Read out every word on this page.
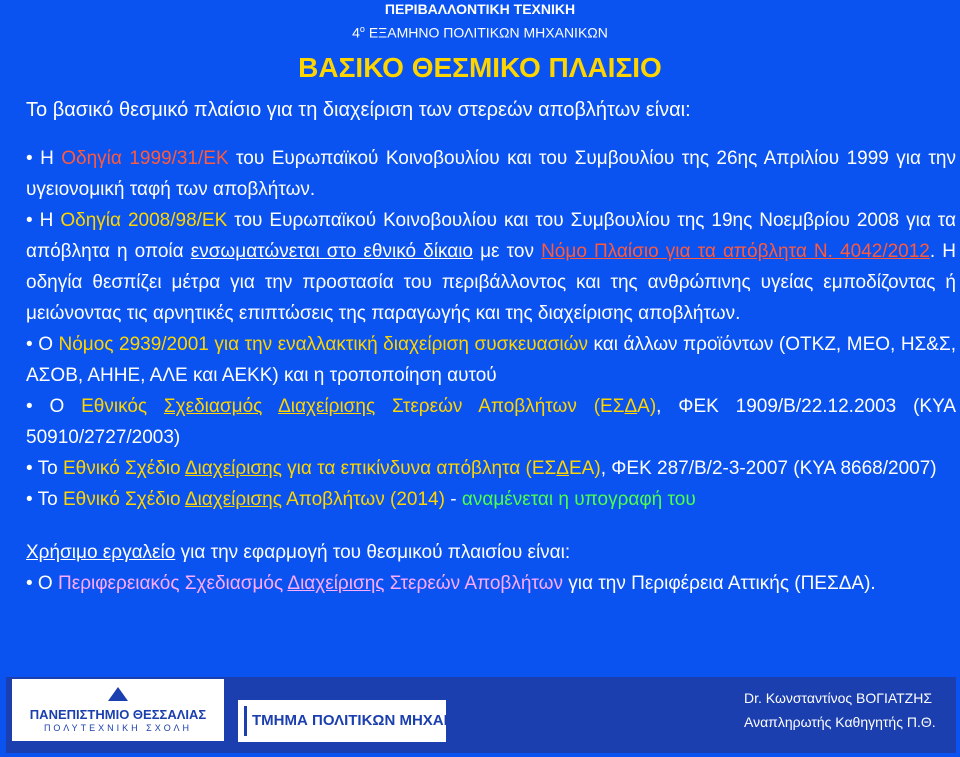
ΠΕΡΙΒΑΛΛΟΝΤΙΚΗ ΤΕΧΝΙΚΗ
$4^o$ ΕΞΑΜΗΝΟ ΠΟΛΙΤΙΚΩΝ ΜΗΧΑΝΙΚΩΝ
ΒΑΣΙΚΟ ΘΕΣΜΙΚΟ ΠΛΑΙΣΙΟ
Το βασικό θεσμικό πλαίσιο για τη διαχείριση των στερεών αποβλήτων είναι:

• Η Οδηγία 1999/31/ΕΚ του Ευρωπαϊκού Κοινοβουλίου και του Συμβουλίου της 26ης Απριλίου 1999 για την υγειονομική ταφή των αποβλήτων.

• Η Οδηγία 2008/98/ΕΚ του Ευρωπαϊκού Κοινοβουλίου και του Συμβουλίου της 19ης Νοεμβρίου 2008 για τα απόβλητα η οποία ενσωματώνεται στο εθνικό δίκαιο με τον Νόμο Πλαίσιο για τα απόβλητα Ν. 4042/2012. Η οδηγία θεσπίζει μέτρα για την προστασία του περιβάλλοντος και της ανθρώπινης υγείας εμποδίζοντας ή μειώνοντας τις αρνητικές επιπτώσεις της παραγωγής και της διαχείρισης αποβλήτων.

• Ο Νόμος 2939/2001 για την εναλλακτική διαχείριση συσκευασιών και άλλων προϊόντων (ΟΤΚΖ, ΜΕΟ, ΗΣ&Σ, ΑΣΟΒ, ΑΗΗΕ, ΑΛΕ και ΑΕΚΚ) και η τροποποίηση αυτού

• Ο Εθνικός Σχεδιασμός Διαχείρισης Στερεών Αποβλήτων (ΕΣΔΑ), ΦΕΚ 1909/Β/22.12.2003 (ΚΥΑ 50910/2727/2003)

• Το Εθνικό Σχέδιο Διαχείρισης για τα επικίνδυνα απόβλητα (ΕΣΔΕΑ), ΦΕΚ 287/Β/2-3-2007 (ΚΥΑ 8668/2007)

• Το Εθνικό Σχέδιο Διαχείρισης Αποβλήτων (2014) - αναμένεται η υπογραφή του

Χρήσιμο εργαλείο για την εφαρμογή του θεσμικού πλαισίου είναι:

• Ο Περιφερειακός Σχεδιασμός Διαχείρισης Στερεών Αποβλήτων για την Περιφέρεια Αττικής (ΠΕΣΔΑ).

ΠΑΝΕΠΙΣΤΗΜΙΟ ΘΕΣΣΑΛΙΑΣ
ΠΟΛΥΤΕΧΝΙΚΗ ΣΧΟΛΗ	ΤΜΗΜΑ ΠΟΛΙΤΙΚΩΝ ΜΗΧΑΝΙΚΩΝ
Dr. Κωνσταντίνος ΒΟΓΙΑΤΖΗΣ
Αναπληρωτής Καθηγητής Π.Θ.
